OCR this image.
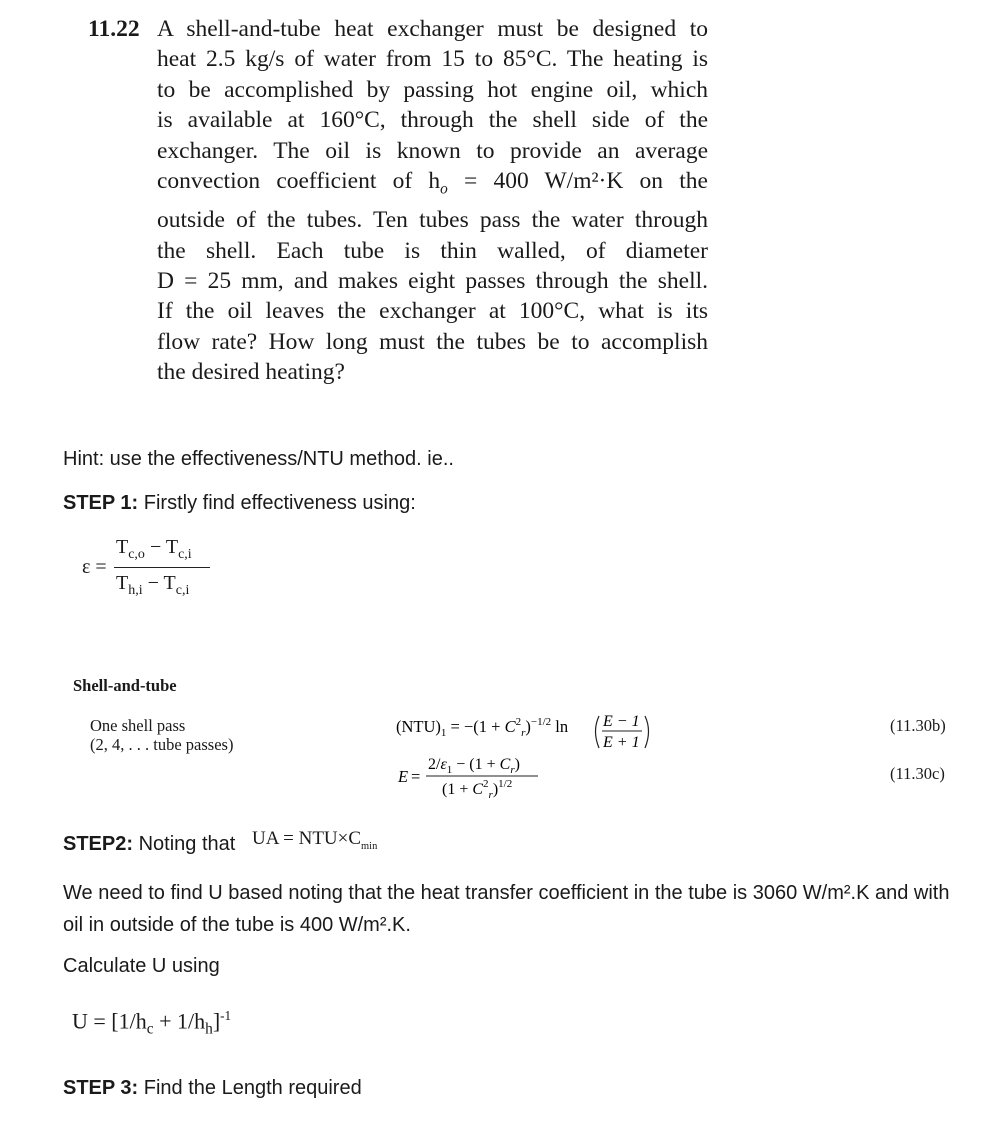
11.22 A shell-and-tube heat exchanger must be designed to
heat 2.5 kg/s of water from 15 to 85°C. The heating is
to be accomplished by passing hot engine oil, which
is available at 160°C, through the shell side of the
exchanger. The oil is known to provide an average
convection coefficient of $h_o = 400$ W/m²·K on the
outside of the tubes. Ten tubes pass the water through
the shell. Each tube is thin walled, of diameter
D = 25 mm, and makes eight passes through the shell.
If the oil leaves the exchanger at 100°C, what is its
flow rate? How long must the tubes be to accomplish
the desired heating?
Hint: use the effectiveness/NTU method. ie..
STEP 1: Firstly find effectiveness using:
ε =
$T_{c,o} - T_{c,i}$
$T_{h,i} - T_{c,i}$
Shell-and-tube
One shell pass
(2, 4, . . . tube passes)
$(NTU)_1 = -(1 + C^2_r)^{-1/2}$ ln E − 1
E + 1
E =
$2/\varepsilon_1 - (1 + C_r)$
$(1 + C^2_r)^{1/2}$
(11.30b)
(11.30c)
STEP2: Noting that UA = $NTU\times C_{min}$
We need to find U based noting that the heat transfer coefficient in the tube is 3060 W/m².K and with oil in outside of the tube is 400 W/m².K.
Calculate U using
$U = [1/h_c + 1/h_h]^{-1}$
STEP 3: Find the Length required
